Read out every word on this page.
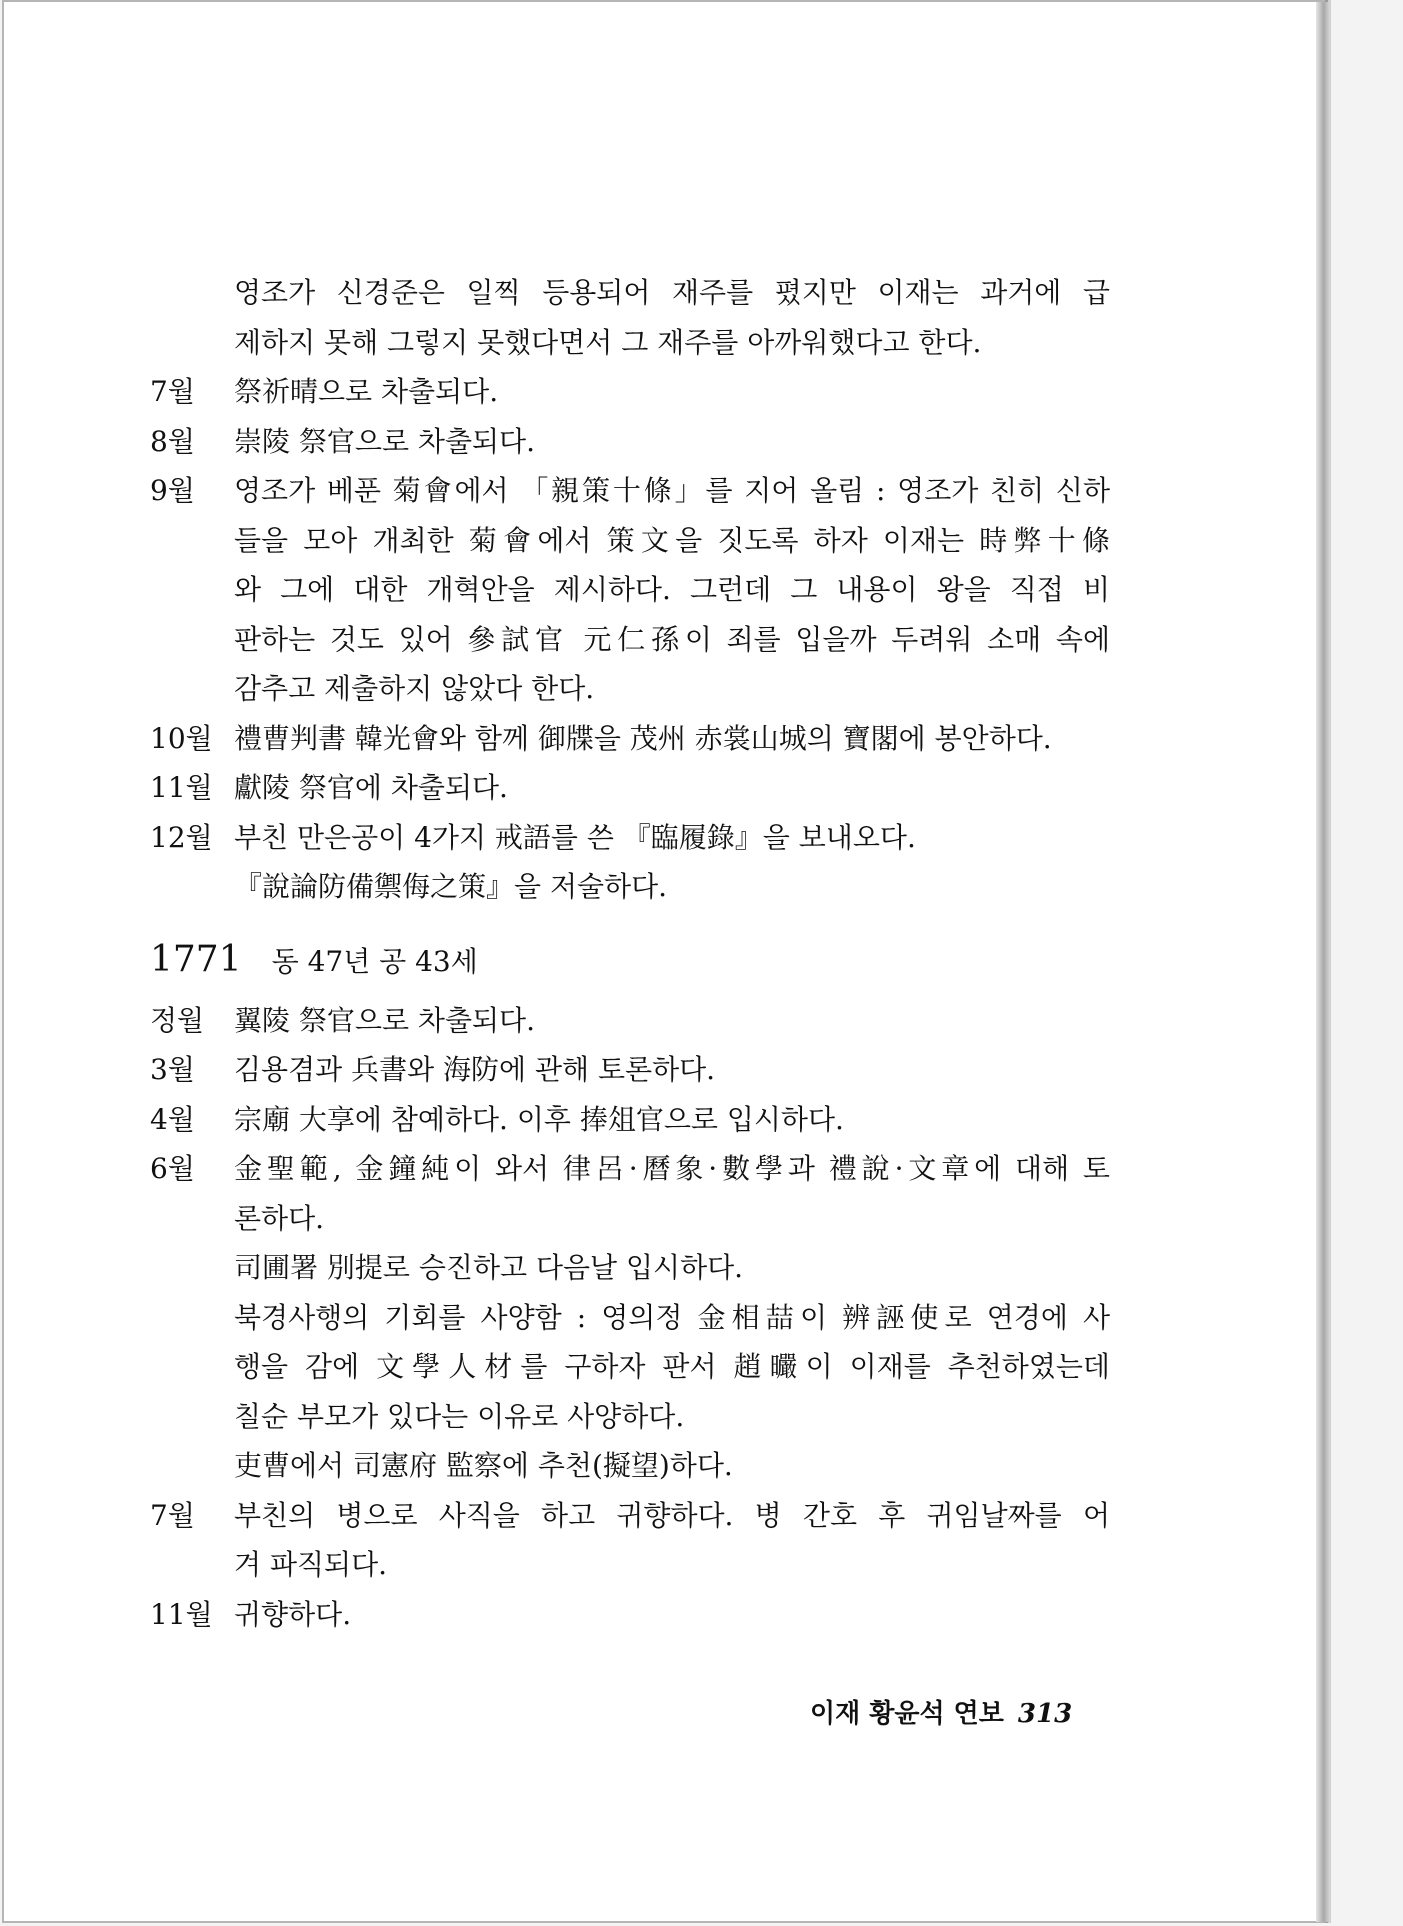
영조가 신경준은 일찍 등용되어 재주를 폈지만 이재는 과거에 급

제하지 못해 그렇지 못했다면서 그 재주를 아까워했다고 한다.

7월	祭祈晴으로 차출되다.

8월	崇陵 祭官으로 차출되다.

9월	영조가 베푼 菊會에서 「親策十條」를 지어 올림 : 영조가 친히 신하

들을 모아 개최한 菊會에서 策文을 짓도록 하자 이재는 時弊十條

와 그에 대한 개혁안을 제시하다. 그런데 그 내용이 왕을 직접 비

판하는 것도 있어 參試官 元仁孫이 죄를 입을까 두려워 소매 속에

감추고 제출하지 않았다 한다.

10월 禮曹判書 韓光會와 함께 御牒을 茂州 赤裳山城의 寶閣에 봉안하다.

11월 獻陵 祭官에 차출되다.

12월 부친 만은공이 4가지 戒語를 쓴 『臨履錄』을 보내오다.

『說論防備禦侮之策』을 저술하다.

1771 동 47년 공 43세
정월	翼陵 祭官으로 차출되다.

3월	김용겸과 兵書와 海防에 관해 토론하다.

4월	宗廟 大享에 참예하다. 이후 捧俎官으로 입시하다.

6월	金聖範, 金鐘純이 와서 律呂·曆象·數學과 禮說·文章에 대해 토

론하다.

司圃署 別提로 승진하고 다음날 입시하다.

북경사행의 기회를 사양함 : 영의정 金相喆이 辨誣使로 연경에 사

행을 감에 文學人材를 구하자 판서 趙曮이 이재를 추천하였는데

칠순 부모가 있다는 이유로 사양하다.

吏曹에서 司憲府 監察에 추천(擬望)하다.

7월	부친의 병으로 사직을 하고 귀향하다. 병 간호 후 귀임날짜를 어

겨 파직되다.

11월 귀향하다.

이재 황윤석 연보 313
